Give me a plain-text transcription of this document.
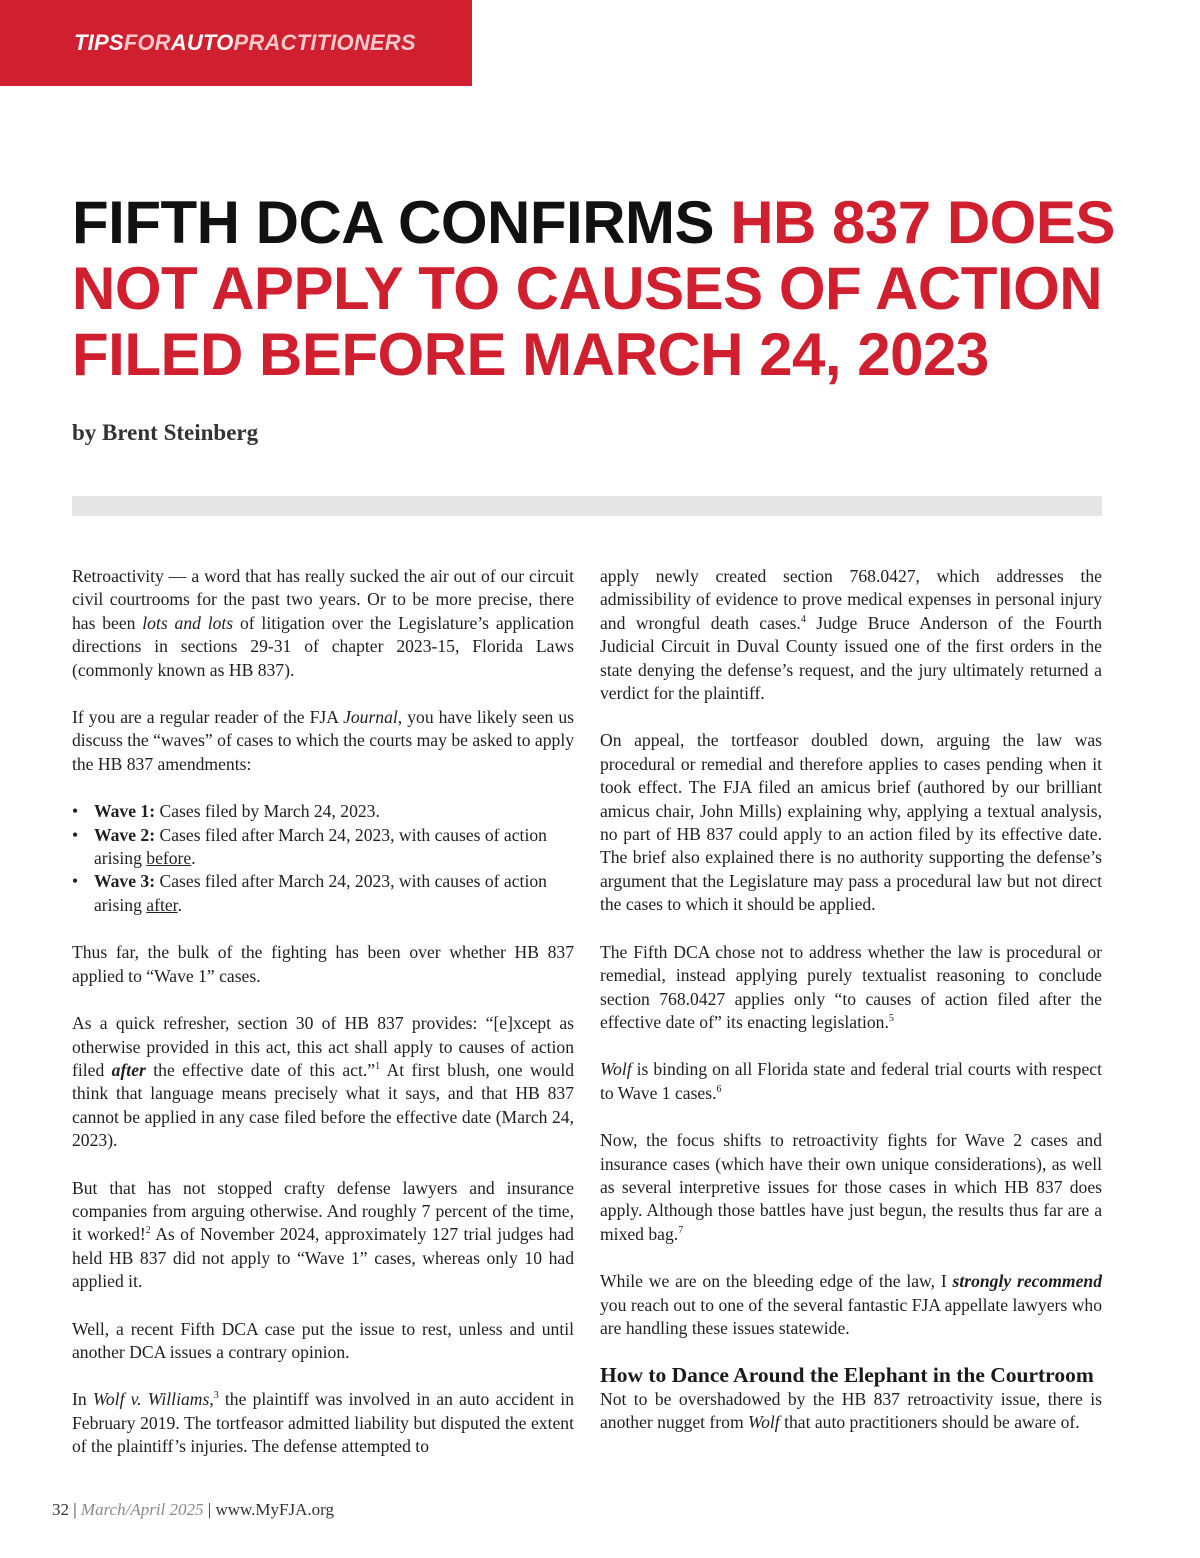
TIPSFORAUTOPRACTITIONERS
FIFTH DCA CONFIRMS HB 837 DOES NOT APPLY TO CAUSES OF ACTION FILED BEFORE MARCH 24, 2023
by Brent Steinberg

Retroactivity — a word that has really sucked the air out of our circuit civil courtrooms for the past two years. Or to be more precise, there has been lots and lots of litigation over the Legislature’s application directions in sections 29-31 of chapter 2023-15, Florida Laws (commonly known as HB 837).

If you are a regular reader of the FJA Journal, you have likely seen us discuss the “waves” of cases to which the courts may be asked to apply the HB 837 amendments:

• Wave 1: Cases filed by March 24, 2023.
• Wave 2: Cases filed after March 24, 2023, with causes of action arising before.
• Wave 3: Cases filed after March 24, 2023, with causes of action arising after.

Thus far, the bulk of the fighting has been over whether HB 837 applied to “Wave 1” cases.

As a quick refresher, section 30 of HB 837 provides: “[e]xcept as otherwise provided in this act, this act shall apply to causes of action filed after the effective date of this act.”$^1$ At first blush, one would think that language means precisely what it says, and that HB 837 cannot be applied in any case filed before the effective date (March 24, 2023).

But that has not stopped crafty defense lawyers and insurance companies from arguing otherwise. And roughly 7 percent of the time, it worked!$^2$ As of November 2024, approximately 127 trial judges had held HB 837 did not apply to “Wave 1” cases, whereas only 10 had applied it.

Well, a recent Fifth DCA case put the issue to rest, unless and until another DCA issues a contrary opinion.

In Wolf v. Williams,$^3$ the plaintiff was involved in an auto accident in February 2019. The tortfeasor admitted liability but disputed the extent of the plaintiff’s injuries. The defense attempted to

apply newly created section 768.0427, which addresses the admissibility of evidence to prove medical expenses in personal injury and wrongful death cases.$^4$ Judge Bruce Anderson of the Fourth Judicial Circuit in Duval County issued one of the first orders in the state denying the defense’s request, and the jury ultimately returned a verdict for the plaintiff.

On appeal, the tortfeasor doubled down, arguing the law was procedural or remedial and therefore applies to cases pending when it took effect. The FJA filed an amicus brief (authored by our brilliant amicus chair, John Mills) explaining why, applying a textual analysis, no part of HB 837 could apply to an action filed by its effective date. The brief also explained there is no authority supporting the defense’s argument that the Legislature may pass a procedural law but not direct the cases to which it should be applied.

The Fifth DCA chose not to address whether the law is procedural or remedial, instead applying purely textualist reasoning to conclude section 768.0427 applies only “to causes of action filed after the effective date of” its enacting legislation.$^5$

Wolf is binding on all Florida state and federal trial courts with respect to Wave 1 cases.$^6$

Now, the focus shifts to retroactivity fights for Wave 2 cases and insurance cases (which have their own unique considerations), as well as several interpretive issues for those cases in which HB 837 does apply. Although those battles have just begun, the results thus far are a mixed bag.$^7$

While we are on the bleeding edge of the law, I strongly recommend you reach out to one of the several fantastic FJA appellate lawyers who are handling these issues statewide.

How to Dance Around the Elephant in the Courtroom

Not to be overshadowed by the HB 837 retroactivity issue, there is another nugget from Wolf that auto practitioners should be aware of.

32 | March/April 2025 | www.MyFJA.org
